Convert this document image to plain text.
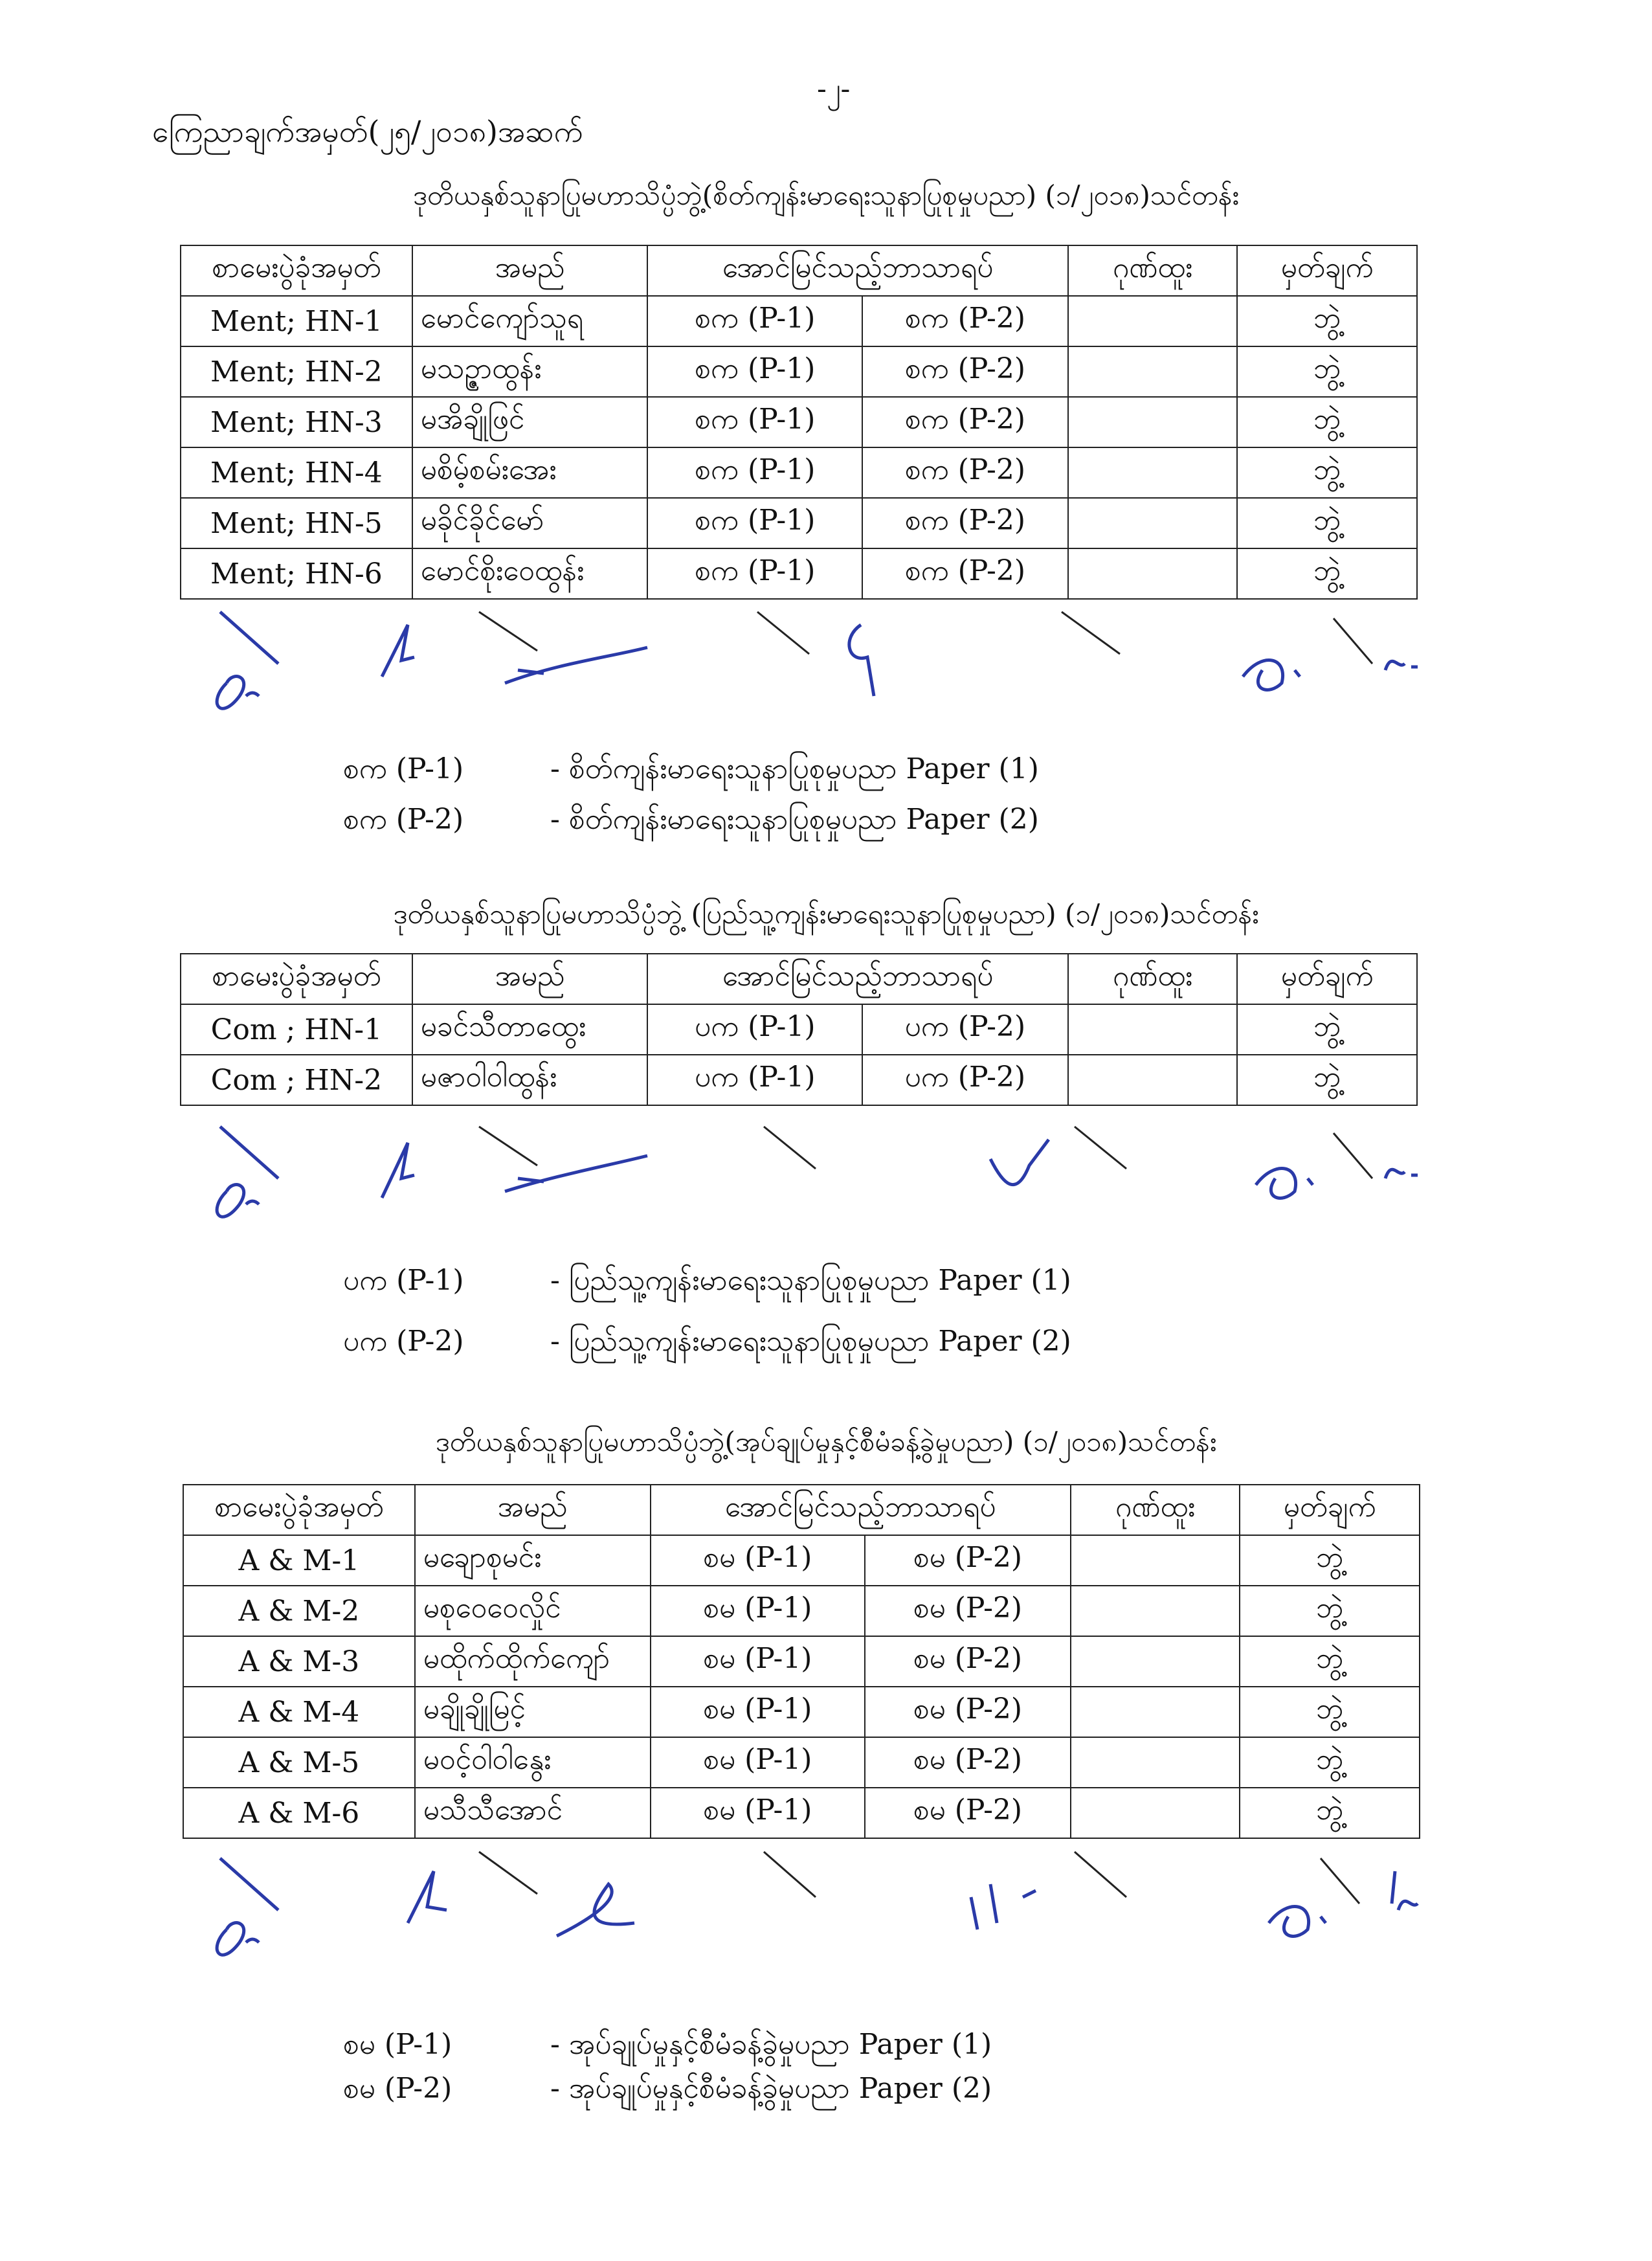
-၂-
ကြေညာချက်အမှတ်(၂၅/၂၀၁၈)အဆက်
ဒုတိယနှစ်သူနာပြုမဟာသိပ္ပံဘွဲ့(စိတ်ကျန်းမာရေးသူနာပြုစုမှုပညာ) (၁/၂၀၁၈)သင်တန်း
စာမေးပွဲခုံအမှတ်	အမည်	အောင်မြင်သည့်ဘာသာရပ်		ဂုဏ်ထူး	မှတ်ချက်
Ment; HN-1	မောင်ကျော်သူရ	စက (P-1)	စက (P-2)		ဘွဲ့
Ment; HN-2	မသဉ္ဇာထွန်း	စက (P-1)	စက (P-2)		ဘွဲ့
Ment; HN-3	မအိချိုဖြင်	စက (P-1)	စက (P-2)		ဘွဲ့
Ment; HN-4	မစိမ့်စမ်းအေး	စက (P-1)	စက (P-2)		ဘွဲ့
Ment; HN-5	မခိုင်ခိုင်မော်	စက (P-1)	စက (P-2)		ဘွဲ့
Ment; HN-6	မောင်စိုးဝေထွန်း	စက (P-1)	စက (P-2)		ဘွဲ့
စက (P-1)	- စိတ်ကျန်းမာရေးသူနာပြုစုမှုပညာ Paper (1)
စက (P-2)	- စိတ်ကျန်းမာရေးသူနာပြုစုမှုပညာ Paper (2)
ဒုတိယနှစ်သူနာပြုမဟာသိပ္ပံဘွဲ့ (ပြည်သူ့ကျန်းမာရေးသူနာပြုစုမှုပညာ) (၁/၂၀၁၈)သင်တန်း
စာမေးပွဲခုံအမှတ်	အမည်	အောင်မြင်သည့်ဘာသာရပ်		ဂုဏ်ထူး	မှတ်ချက်
Com ; HN-1	မခင်သီတာထွေး	ပက (P-1)	ပက (P-2)		ဘွဲ့
Com ; HN-2	မဇာဝါဝါထွန်း	ပက (P-1)	ပက (P-2)		ဘွဲ့
ပက (P-1)	- ပြည်သူ့ကျန်းမာရေးသူနာပြုစုမှုပညာ Paper (1)
ပက (P-2)	- ပြည်သူ့ကျန်းမာရေးသူနာပြုစုမှုပညာ Paper (2)
ဒုတိယနှစ်သူနာပြုမဟာသိပ္ပံဘွဲ့(အုပ်ချုပ်မှုနှင့်စီမံခန့်ခွဲမှုပညာ) (၁/၂၀၁၈)သင်တန်း
စာမေးပွဲခုံအမှတ်	အမည်	အောင်မြင်သည့်ဘာသာရပ်		ဂုဏ်ထူး	မှတ်ချက်
A & M-1	မချောစုမင်း	စမ (P-1)	စမ (P-2)		ဘွဲ့
A & M-2	မစုဝေဝေလှိုင်	စမ (P-1)	စမ (P-2)		ဘွဲ့
A & M-3	မထိုက်ထိုက်ကျော်	စမ (P-1)	စမ (P-2)		ဘွဲ့
A & M-4	မချိုချိုမြင့်	စမ (P-1)	စမ (P-2)		ဘွဲ့
A & M-5	မဝင့်ဝါဝါနွေး	စမ (P-1)	စမ (P-2)		ဘွဲ့
A & M-6	မသီသီအောင်	စမ (P-1)	စမ (P-2)		ဘွဲ့
စမ (P-1)	- အုပ်ချုပ်မှုနှင့်စီမံခန့်ခွဲမှုပညာ Paper (1)
စမ (P-2)	- အုပ်ချုပ်မှုနှင့်စီမံခန့်ခွဲမှုပညာ Paper (2)
